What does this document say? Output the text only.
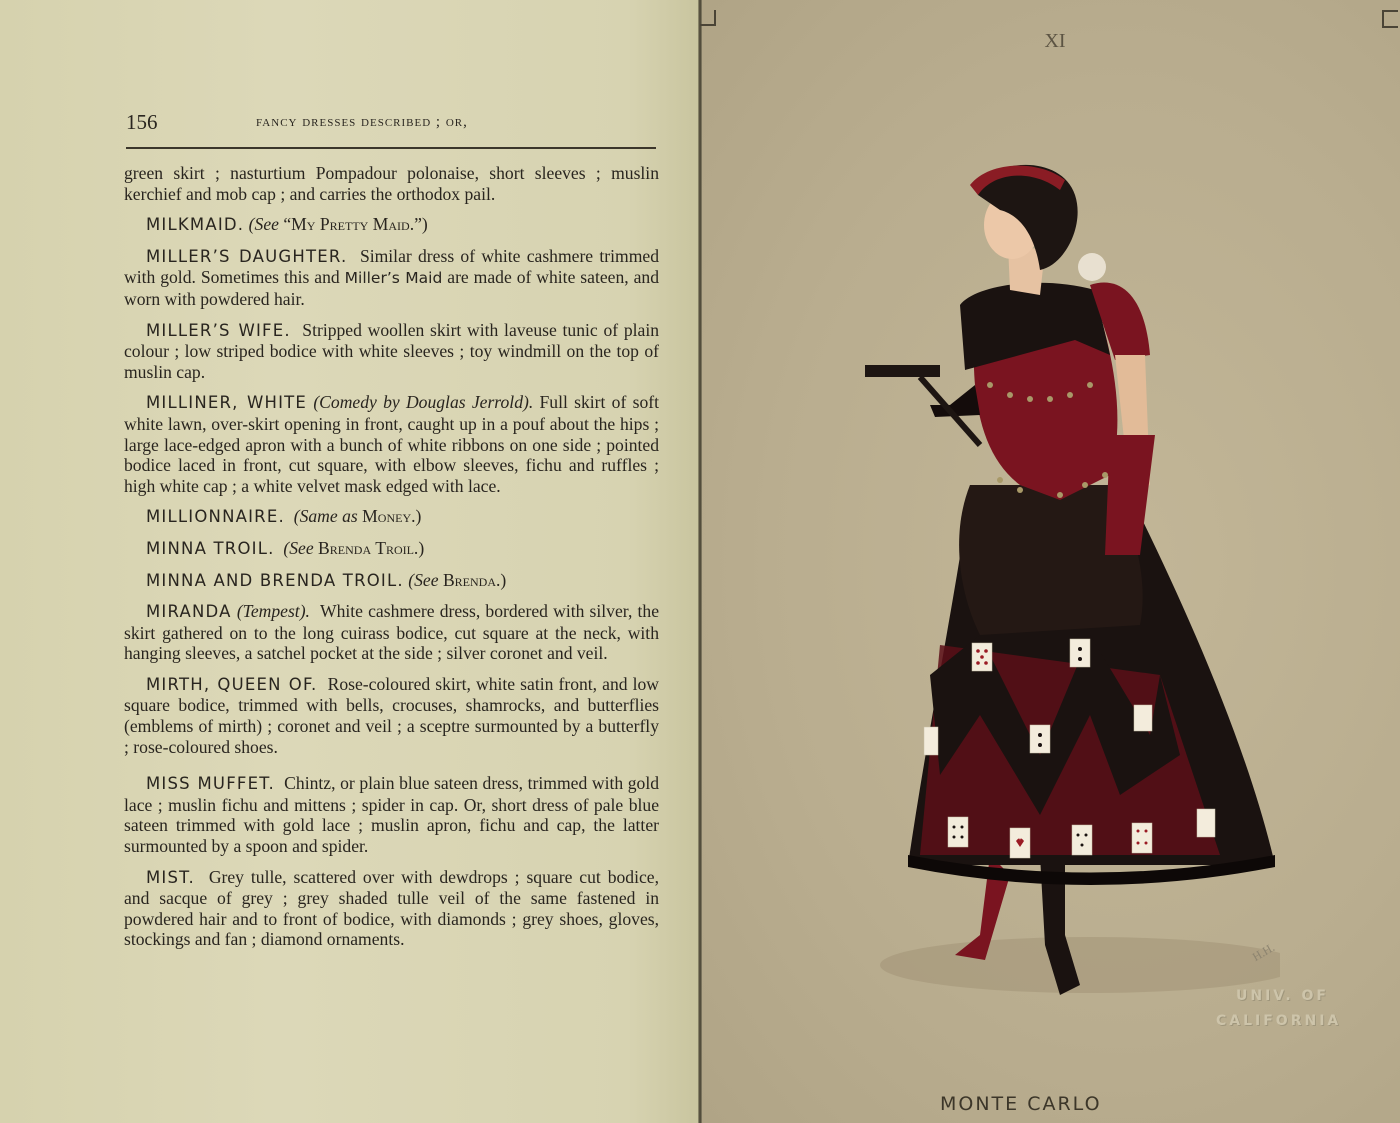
156	fancy dresses described ; or,

green skirt ; nasturtium Pompadour polonaise, short sleeves ; muslin kerchief and mob cap ; and carries the orthodox pail.

MILKMAID. (See “My Pretty Maid.”)

MILLER’S DAUGHTER. Similar dress of white cashmere trimmed with gold. Sometimes this and Miller’s Maid are made of white sateen, and worn with powdered hair.

MILLER’S WIFE. Stripped woollen skirt with laveuse tunic of plain colour ; low striped bodice with white sleeves ; toy windmill on the top of muslin cap.

MILLINER, WHITE (Comedy by Douglas Jerrold). Full skirt of soft white lawn, over-skirt opening in front, caught up in a pouf about the hips ; large lace-edged apron with a bunch of white ribbons on one side ; pointed bodice laced in front, cut square, with elbow sleeves, fichu and ruffles ; high white cap ; a white velvet mask edged with lace.

MILLIONNAIRE. (Same as Money.)

MINNA TROIL. (See Brenda Troil.)

MINNA AND BRENDA TROIL. (See Brenda.)

MIRANDA (Tempest). White cashmere dress, bordered with silver, the skirt gathered on to the long cuirass bodice, cut square at the neck, with hanging sleeves, a satchel pocket at the side ; silver coronet and veil.

MIRTH, QUEEN OF. Rose-coloured skirt, white satin front, and low square bodice, trimmed with bells, crocuses, shamrocks, and butterflies (emblems of mirth) ; coronet and veil ; a sceptre surmounted by a butterfly ; rose-coloured shoes.

MISS MUFFET. Chintz, or plain blue sateen dress, trimmed with gold lace ; muslin fichu and mittens ; spider in cap. Or, short dress of pale blue sateen trimmed with gold lace ; muslin apron, fichu and cap, the latter surmounted by a spoon and spider.

MIST. Grey tulle, scattered over with dewdrops ; square cut bodice, and sacque of grey ; grey shaded tulle veil of the same fastened in powdered hair and to front of bodice, with diamonds ; grey shoes, gloves, stockings and fan ; diamond ornaments.

XI
H.H.
UNIV. OF
CALIFORNIA
MONTE CARLO
